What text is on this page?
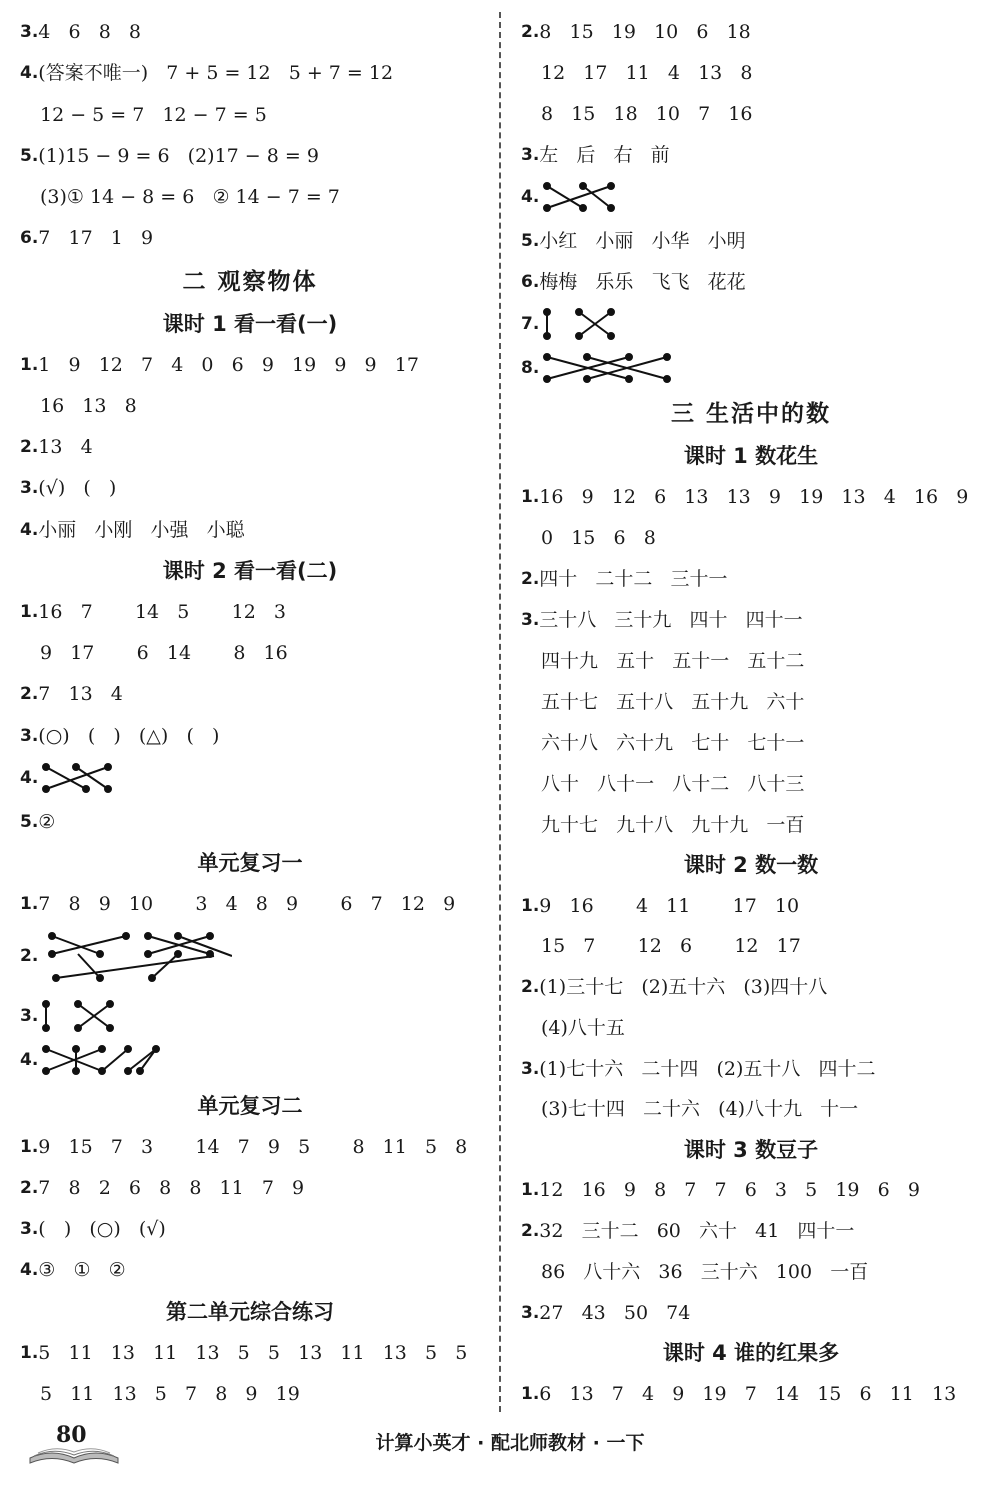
3. 4   6   8   8
4. (答案不唯一)   7 + 5 = 12   5 + 7 = 12
12 − 5 = 7   12 − 7 = 5
5. (1)15 − 9 = 6   (2)17 − 8 = 9
(3)① 14 − 8 = 6   ② 14 − 7 = 7
6. 7   17   1   9
二 观察物体
课时 1 看一看(一)
1. 1   9   12   7   4   0   6   9   19   9   9   17
16   13   8
2. 13   4
3. (√)   (   )
4. 小丽   小刚   小强   小聪
课时 2 看一看(二)
1. 16   7       14   5       12   3
9   17       6   14       8   16
2. 7   13   4
3. (○)   (   )   (△)   (   )
4.
5. ②
单元复习一
1. 7   8   9   10       3   4   8   9       6   7   12   9
2.
3.
4.
单元复习二
1. 9   15   7   3       14   7   9   5       8   11   5   8
2. 7   8   2   6   8   8   11   7   9
3. (   )   (○)   (√)
4. ③   ①   ②
第二单元综合练习
1. 5   11   13   11   13   5   5   13   11   13   5   5
5   11   13   5   7   8   9   19
2. 8   15   19   10   6   18
12   17   11   4   13   8
8   15   18   10   7   16
3. 左   后   右   前
4.
5. 小红   小丽   小华   小明
6. 梅梅   乐乐   飞飞   花花
7.
8.
三 生活中的数
课时 1 数花生
1. 16   9   12   6   13   13   9   19   13   4   16   9
0   15   6   8
2. 四十   二十二   三十一
3. 三十八   三十九   四十   四十一
四十九   五十   五十一   五十二
五十七   五十八   五十九   六十
六十八   六十九   七十   七十一
八十   八十一   八十二   八十三
九十七   九十八   九十九   一百
课时 2 数一数
1. 9   16       4   11       17   10
15   7       12   6       12   17
2. (1)三十七   (2)五十六   (3)四十八
(4)八十五
3. (1)七十六   二十四   (2)五十八   四十二
(3)七十四   二十六   (4)八十九   十一
课时 3 数豆子
1. 12   16   9   8   7   7   6   3   5   19   6   9
2. 32   三十二   60   六十   41   四十一
86   八十六   36   三十六   100   一百
3. 27   43   50   74
课时 4 谁的红果多
1. 6   13   7   4   9   19   7   14   15   6   11   13
80	计算小英才 · 配北师教材 · 一下
